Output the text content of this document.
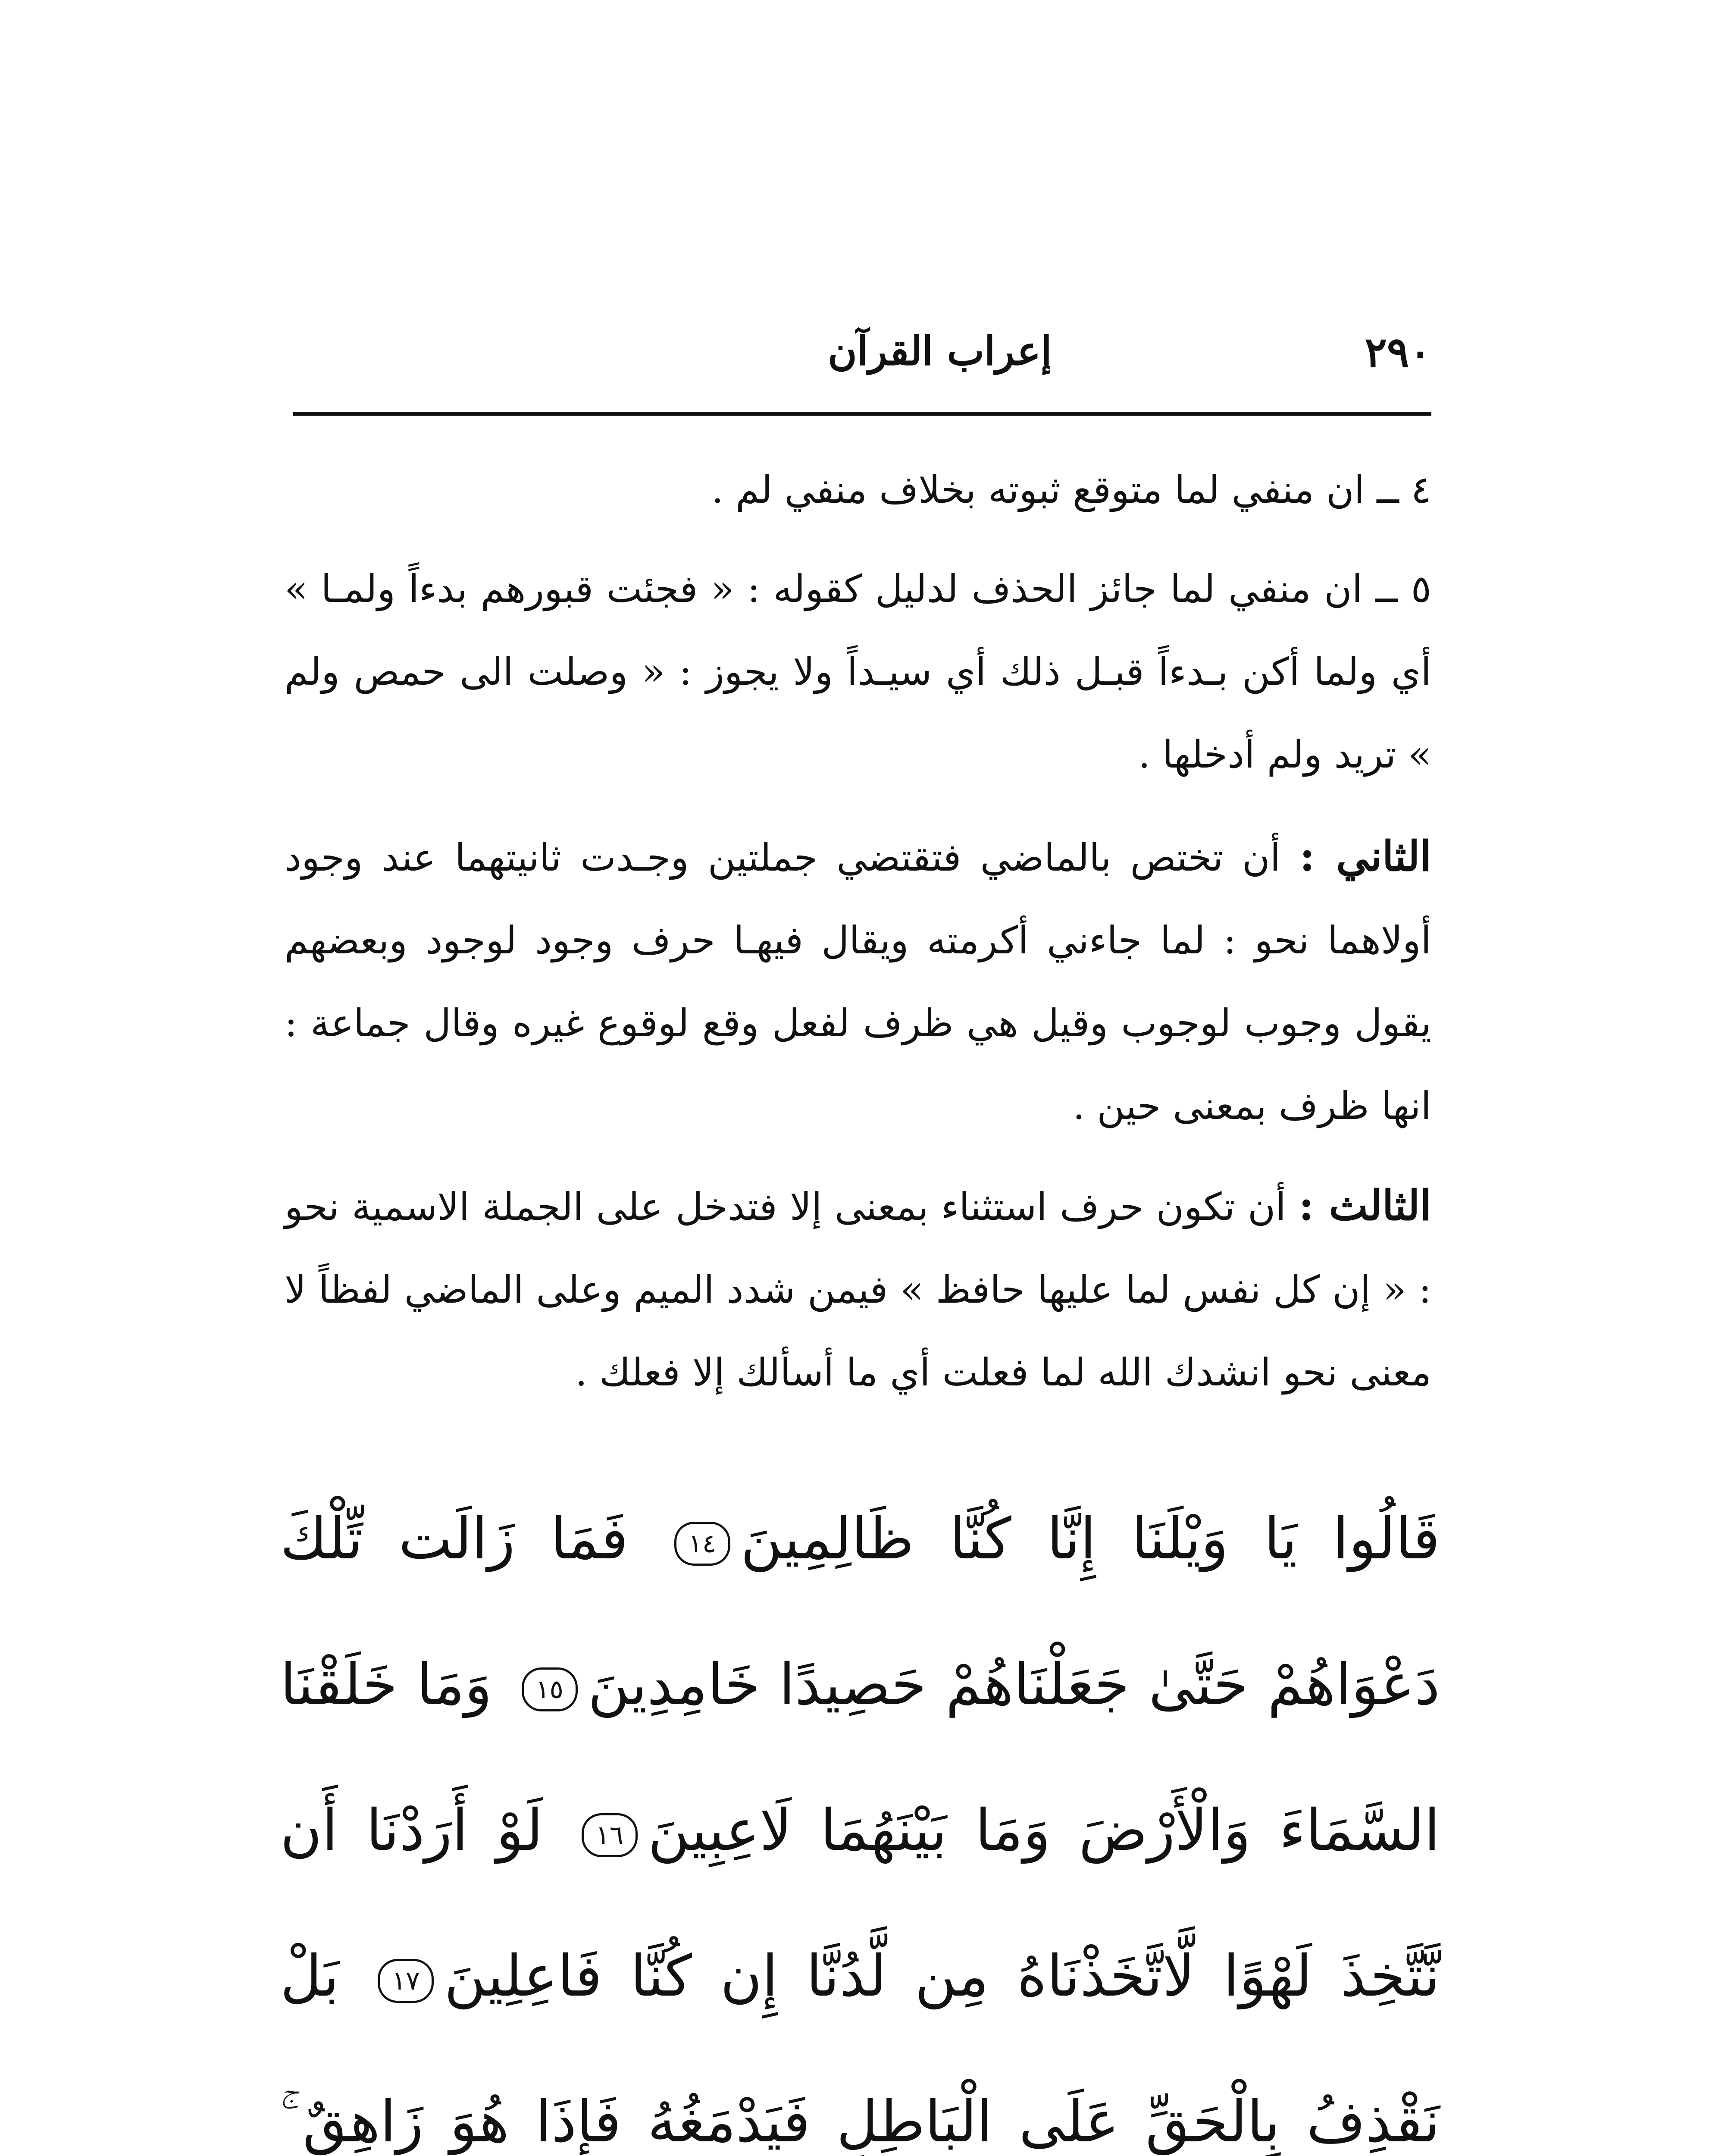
٢٩٠
إعراب القرآن

٤ ــ ان منفي لما متوقع ثبوته بخلاف منفي لم .

٥ ــ ان منفي لما جائز الحذف لدليل كقوله : « فجئت قبورهم بدءاً ولمـا » أي ولما أكن بـدءاً قبـل ذلك أي سيـداً ولا يجوز : « وصلت الى حمص ولم » تريد ولم أدخلها .

الثاني : أن تختص بالماضي فتقتضي جملتين وجـدت ثانيتهما عند وجود أولاهما نحو : لما جاءني أكرمته ويقال فيهـا حرف وجود لوجود وبعضهم يقول وجوب لوجوب وقيل هي ظرف لفعل وقع لوقوع غيره وقال جماعة : انها ظرف بمعنى حين .

الثالث : أن تكون حرف استثناء بمعنى إلا فتدخل على الجملة الاسمية نحو : « إن كل نفس لما عليها حافظ » فيمن شدد الميم وعلى الماضي لفظاً لا معنى نحو انشدك الله لما فعلت أي ما أسألك إلا فعلك .

قَالُوا يَا وَيْلَنَا إِنَّا كُنَّا ظَالِمِينَ١٤ فَمَا زَالَت تِّلْكَ دَعْوَاهُمْ حَتَّىٰ جَعَلْنَاهُمْ حَصِيدًا خَامِدِينَ١٥ وَمَا خَلَقْنَا السَّمَاءَ وَالْأَرْضَ وَمَا بَيْنَهُمَا لَاعِبِينَ١٦ لَوْ أَرَدْنَا أَن نَّتَّخِذَ لَهْوًا لَّاتَّخَذْنَاهُ مِن لَّدُنَّا إِن كُنَّا فَاعِلِينَ١٧ بَلْ نَقْذِفُ بِالْحَقِّ عَلَى الْبَاطِلِ فَيَدْمَغُهُ فَإِذَا هُوَ زَاهِقٌ ۚ
